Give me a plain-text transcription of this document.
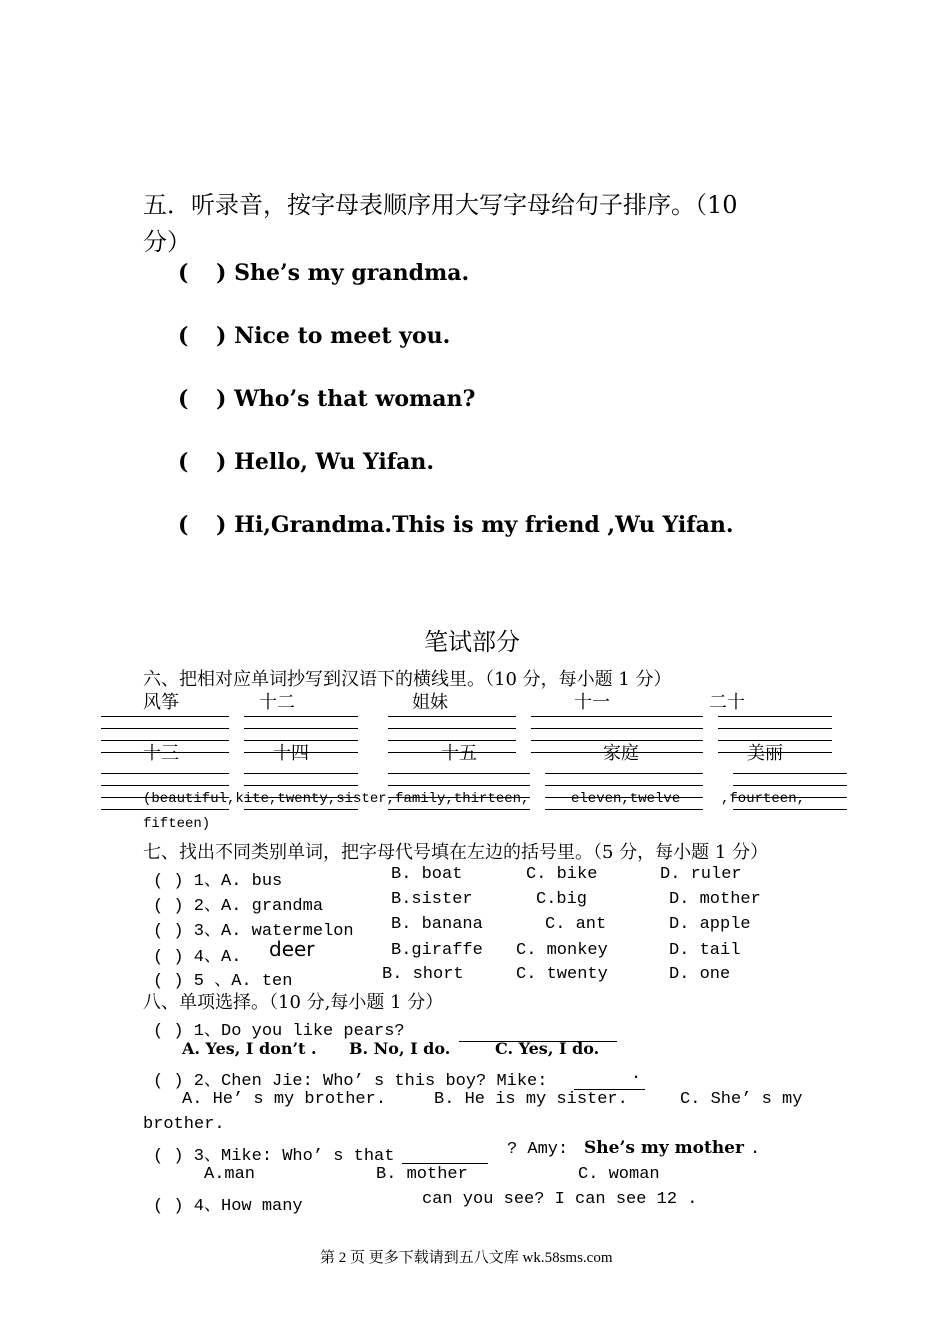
五．听录音，按字母表顺序用大写字母给句子排序。（10
分）
( ) She’s my grandma.
( ) Nice to meet you.
( ) Who’s that woman?
( ) Hello, Wu Yifan.
( ) Hi,Grandma.This is my friend ,Wu Yifan.
笔试部分
六、把相对应单词抄写到汉语下的横线里。（10 分，每小题 1 分）
风筝	十二	姐妹	十一	二十
十三	十四	十五	家庭	美丽
(beautiful,kite,twenty,sister,family,thirteen,	eleven,twelve	,fourteen,
fifteen)
七、找出不同类别单词，把字母代号填在左边的括号里。（5 分，每小题 1 分）
( ) 1、A. bus	B. boat	C. bike	D. ruler
( ) 2、A. grandma	B.sister	C.big	D. mother
( ) 3、A. watermelon B. banana	C. ant	D. apple
( ) 4、A. deer	B.giraffe C. monkey	D. tail
( ) 5 、A. ten	B. short	C. twenty	D. one
八、单项选择。（10 分,每小题 1 分）
( ) 1、Do you like pears?
A. Yes, I don’t . B. No, I do.	C. Yes, I do.
( ) 2、Chen Jie: Who’ s this boy? Mike:	.
A. He’ s my brother.	B. He is my sister.	C. She’ s my
brother.
( ) 3、Mike: Who’ s that	? Amy: She’s my mother .
A.man	B. mother	C. woman
( ) 4、How many	can you see? I can see 12 .
第 2 页 更多下载请到五八文库 wk.58sms.com
